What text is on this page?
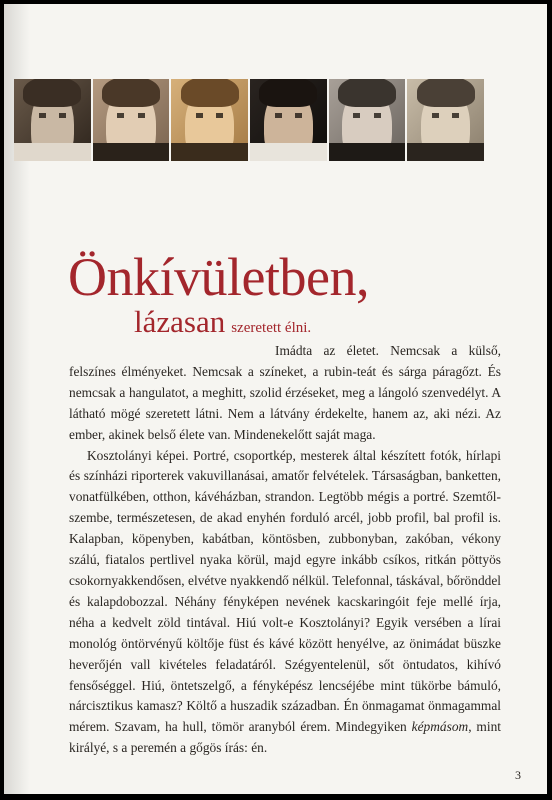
Önkívületben,
lázasan szeretett élni.

Imádta az életet. Nemcsak a külső, felszínes élményeket. Nemcsak a színeket, a rubin-teát és sárga páragőzt. És nemcsak a hangulatot, a meghitt, szolid érzéseket, meg a lángoló szenvedélyt. A látható mögé szeretett látni. Nem a látvány érdekelte, hanem az, aki nézi. Az ember, akinek belső élete van. Mindenekelőtt saját maga.

Kosztolányi képei. Portré, csoportkép, mesterek által készített fotók, hírlapi és színházi riporterek vakuvillanásai, amatőr felvételek. Társaságban, banketten, vonatfülkében, otthon, kávéházban, strandon. Legtöbb mégis a portré. Szemtől-szembe, természetesen, de akad enyhén forduló arcél, jobb profil, bal profil is. Kalapban, köpenyben, kabátban, köntösben, zubbonyban, zakóban, vékony szálú, fiatalos pertlivel nyaka körül, majd egyre inkább csíkos, ritkán pöttyös csokornyakkendősen, elvétve nyakkendő nélkül. Telefonnal, táskával, bőrönddel és kalapdobozzal. Néhány fényképen nevének kacskaringóit feje mellé írja, néha a kedvelt zöld tintával. Hiú volt-e Kosztolányi? Egyik versében a lírai monológ öntörvényű költője füst és kávé között henyélve, az önimádat büszke heverőjén vall kivételes feladatáról. Szégyentelenül, sőt öntudatos, kihívó fensőséggel. Hiú, öntetszelgő, a fényképész lencséjébe mint tükörbe bámuló, nárcisztikus kamasz? Költő a huszadik században. Én önmagamat önmagammal mérem. Szavam, ha hull, tömör aranyból érem. Mindegyiken képmásom, mint királyé, s a peremén a gőgös írás: én.

3
